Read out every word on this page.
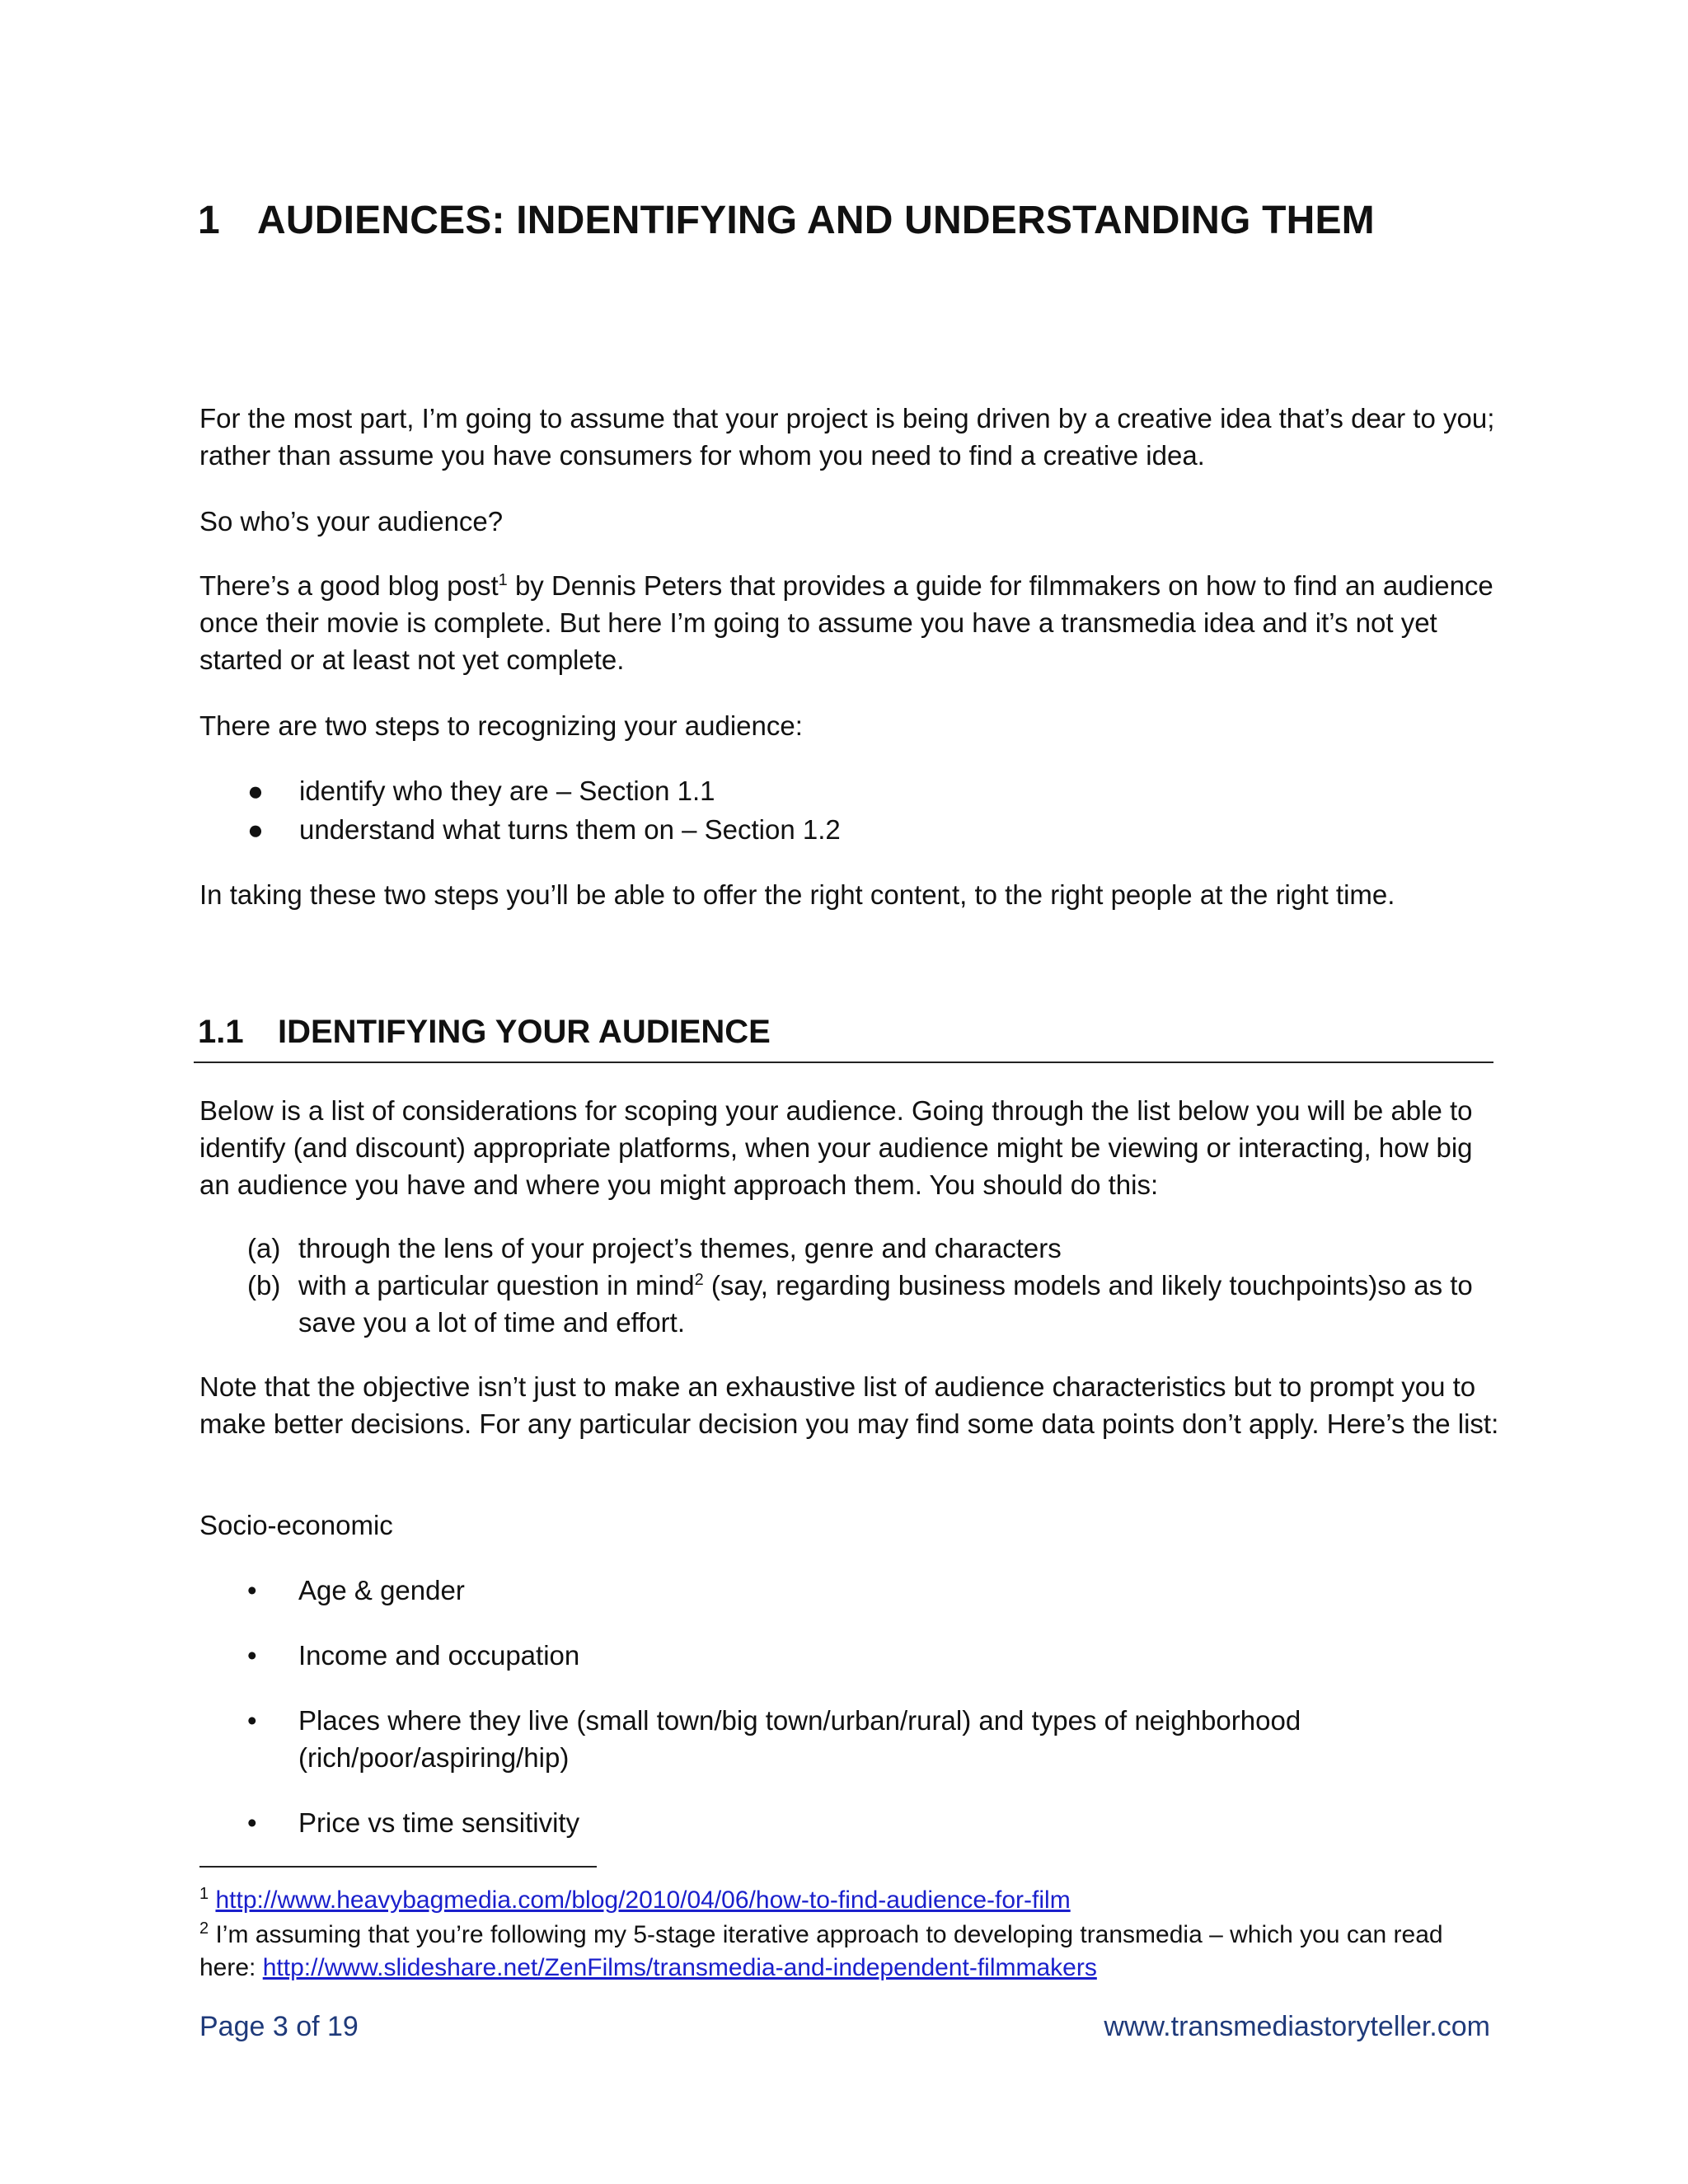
1 AUDIENCES: INDENTIFYING AND UNDERSTANDING THEM

For the most part, I’m going to assume that your project is being driven by a creative idea that’s dear to you; rather than assume you have consumers for whom you need to find a creative idea.

So who’s your audience?

There’s a good blog post$^1$ by Dennis Peters that provides a guide for filmmakers on how to find an audience once their movie is complete. But here I’m going to assume you have a transmedia idea and it’s not yet started or at least not yet complete.

There are two steps to recognizing your audience:

● identify who they are – Section 1.1
● understand what turns them on – Section 1.2

In taking these two steps you’ll be able to offer the right content, to the right people at the right time.

1.1 IDENTIFYING YOUR AUDIENCE

Below is a list of considerations for scoping your audience. Going through the list below you will be able to identify (and discount) appropriate platforms, when your audience might be viewing or interacting, how big an audience you have and where you might approach them. You should do this:

(a) through the lens of your project’s themes, genre and characters
(b) with a particular question in mind$^2$ (say, regarding business models and likely touchpoints)so as to save you a lot of time and effort.

Note that the objective isn’t just to make an exhaustive list of audience characteristics but to prompt you to make better decisions. For any particular decision you may find some data points don’t apply. Here’s the list:

Socio-economic

• Age & gender
• Income and occupation
• Places where they live (small town/big town/urban/rural) and types of neighborhood (rich/poor/aspiring/hip)
• Price vs time sensitivity
$^1$ http://www.heavybagmedia.com/blog/2010/04/06/how-to-find-audience-for-film
$^2$ I’m assuming that you’re following my 5-stage iterative approach to developing transmedia – which you can read here: http://www.slideshare.net/ZenFilms/transmedia-and-independent-filmmakers
Page 3 of 19	www.transmediastoryteller.com
